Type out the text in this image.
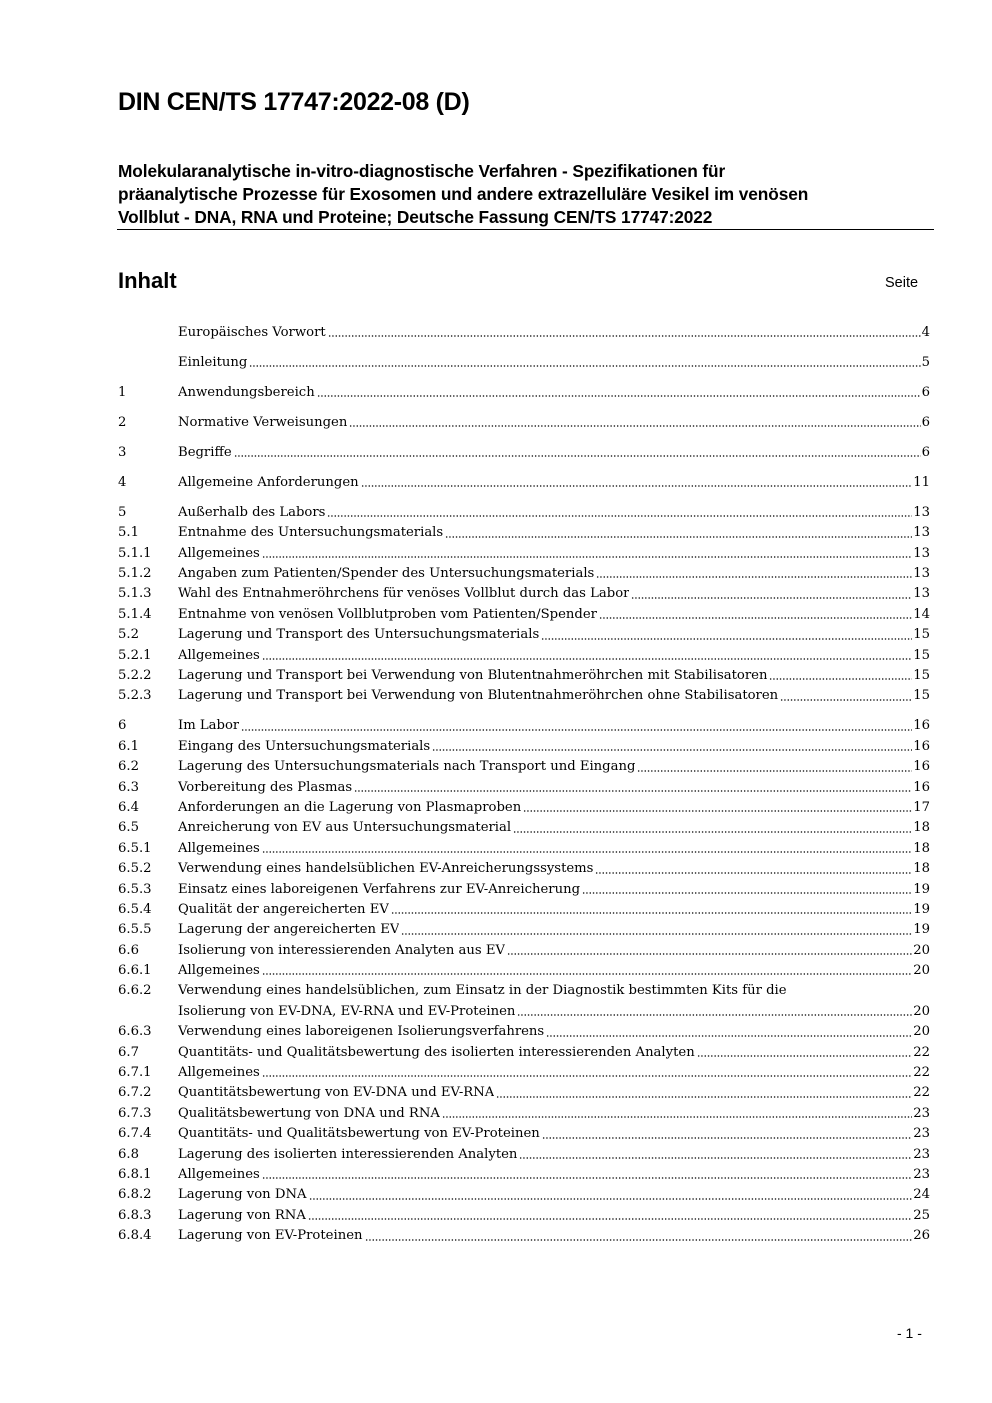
DIN CEN/TS 17747:2022-08 (D)
Molekularanalytische in-vitro-diagnostische Verfahren - Spezifikationen für
präanalytische Prozesse für Exosomen und andere extrazelluläre Vesikel im venösen
Vollblut - DNA, RNA und Proteine; Deutsche Fassung CEN/TS 17747:2022
Inhalt	Seite
Europäisches Vorwort	4
Einleitung	5
1	Anwendungsbereich	6
2	Normative Verweisungen	6
3	Begriffe	6
4	Allgemeine Anforderungen	11
5	Außerhalb des Labors	13
5.1	Entnahme des Untersuchungsmaterials	13
5.1.1	Allgemeines	13
5.1.2	Angaben zum Patienten/Spender des Untersuchungsmaterials	13
5.1.3	Wahl des Entnahmeröhrchens für venöses Vollblut durch das Labor	13
5.1.4	Entnahme von venösen Vollblutproben vom Patienten/Spender	14
5.2	Lagerung und Transport des Untersuchungsmaterials	15
5.2.1	Allgemeines	15
5.2.2	Lagerung und Transport bei Verwendung von Blutentnahmeröhrchen mit Stabilisatoren	15
5.2.3	Lagerung und Transport bei Verwendung von Blutentnahmeröhrchen ohne Stabilisatoren	15
6	Im Labor	16
6.1	Eingang des Untersuchungsmaterials	16
6.2	Lagerung des Untersuchungsmaterials nach Transport und Eingang	16
6.3	Vorbereitung des Plasmas	16
6.4	Anforderungen an die Lagerung von Plasmaproben	17
6.5	Anreicherung von EV aus Untersuchungsmaterial	18
6.5.1	Allgemeines	18
6.5.2	Verwendung eines handelsüblichen EV-Anreicherungssystems	18
6.5.3	Einsatz eines laboreigenen Verfahrens zur EV-Anreicherung	19
6.5.4	Qualität der angereicherten EV	19
6.5.5	Lagerung der angereicherten EV	19
6.6	Isolierung von interessierenden Analyten aus EV	20
6.6.1	Allgemeines	20
6.6.2	Verwendung eines handelsüblichen, zum Einsatz in der Diagnostik bestimmten Kits für die
Isolierung von EV-DNA, EV-RNA und EV-Proteinen	20
6.6.3	Verwendung eines laboreigenen Isolierungsverfahrens	20
6.7	Quantitäts- und Qualitätsbewertung des isolierten interessierenden Analyten	22
6.7.1	Allgemeines	22
6.7.2	Quantitätsbewertung von EV-DNA und EV-RNA	22
6.7.3	Qualitätsbewertung von DNA und RNA	23
6.7.4	Quantitäts- und Qualitätsbewertung von EV-Proteinen	23
6.8	Lagerung des isolierten interessierenden Analyten	23
6.8.1	Allgemeines	23
6.8.2	Lagerung von DNA	24
6.8.3	Lagerung von RNA	25
6.8.4	Lagerung von EV-Proteinen	26
- 1 -
